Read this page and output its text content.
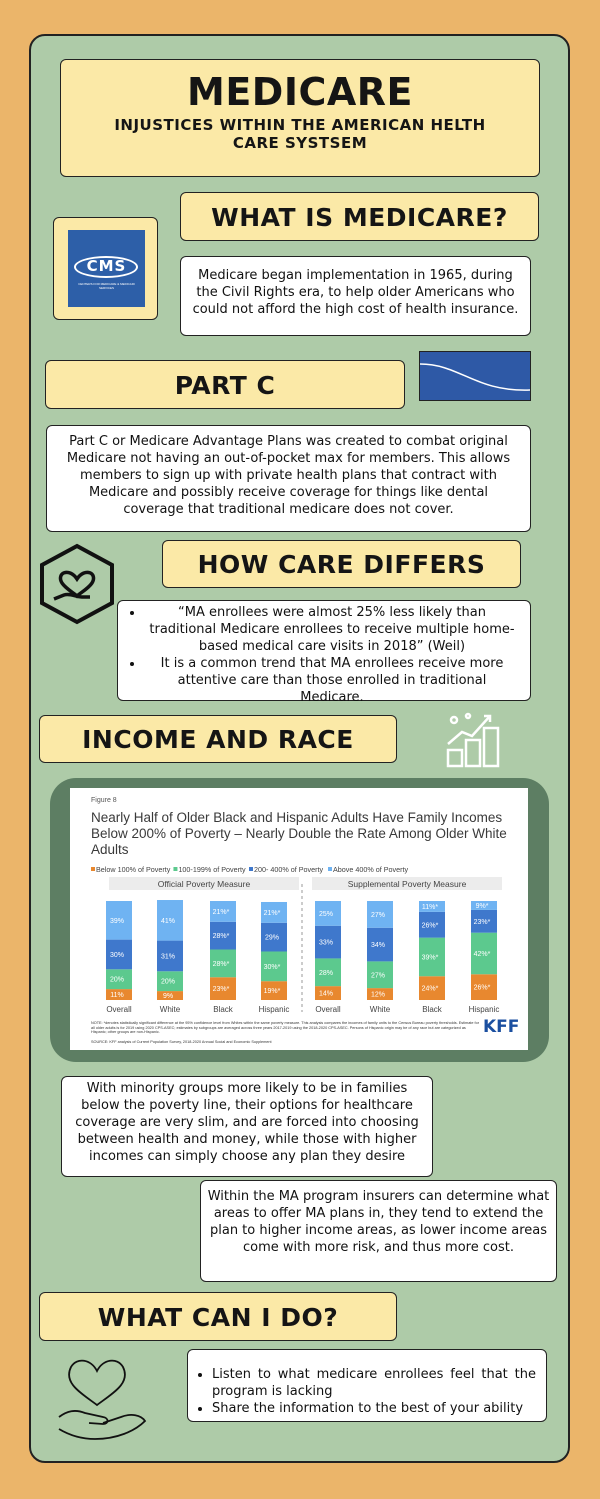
MEDICARE
INJUSTICES WITHIN THE AMERICAN HELTH CARE SYSTSEM
CMS
CENTERS FOR MEDICARE & MEDICAID SERVICES
WHAT IS MEDICARE?
Medicare began implementation in 1965, during the Civil Rights era, to help older Americans who could not afford the high cost of health insurance.
PART C
Part C or Medicare Advantage Plans was created to combat original Medicare not having an out-of-pocket max for members. This allows members to sign up with private health plans that contract with Medicare and possibly receive coverage for things like dental coverage that traditional medicare does not cover.
HOW CARE DIFFERS
• “MA enrollees were almost 25% less likely than traditional Medicare enrollees to receive multiple home-based medical care visits in 2018” (Weil)
• It is a common trend that MA enrollees receive more attentive care than those enrolled in traditional Medicare.
INCOME AND RACE
Figure 8
Nearly Half of Older Black and Hispanic Adults Have Family Incomes Below 200% of Poverty – Nearly Double the Rate Among Older White Adults
Below 100% of Poverty 100-199% of Poverty 200- 400% of Poverty Above 400% of Poverty
Official Poverty Measure	Supplemental Poverty Measure
11%
20%
30%
39%
Overall
9%
20%
31%
41%
White
23%*
28%*
28%*
21%*
Black
19%*
30%*
29%
21%*
Hispanic
14%
28%
33%
25%
Overall
12%
27%
34%
27%
White
24%*
39%*
26%*
11%*
Black
26%*
42%*
23%*
9%*
Hispanic
NOTE: *denotes statistically significant difference at the 95% confidence level from Whites within the same poverty measure. This analysis compares the incomes of family units to the Census Bureau poverty thresholds. Estimate for all older adults is for 2019 using 2020 CPS-ASEC; estimates by subgroups are averaged across three years 2017-2019 using the 2018-2020 CPS-ASEC. Persons of Hispanic origin may be of any race but are categorized as Hispanic; other groups are non-Hispanic.
SOURCE: KFF analysis of Current Population Survey, 2018-2020 Annual Social and Economic Supplement
KFF
With minority groups more likely to be in families below the poverty line, their options for healthcare coverage are very slim, and are forced into choosing between health and money, while those with higher incomes can simply choose any plan they desire
Within the MA program insurers can determine what areas to offer MA plans in, they tend to extend the plan to higher income areas, as lower income areas come with more risk, and thus more cost.
WHAT CAN I DO?
• Listen to what medicare enrollees feel that the program is lacking
• Share the information to the best of your ability
